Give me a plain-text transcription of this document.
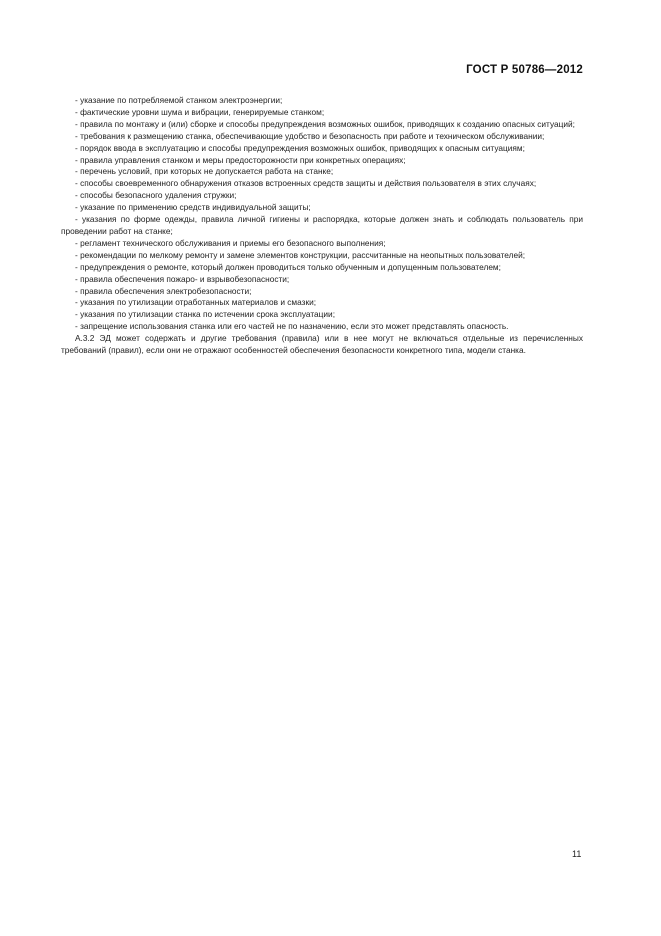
ГОСТ Р 50786—2012

- указание по потребляемой станком электроэнергии;

- фактические уровни шума и вибрации, генерируемые станком;

- правила по монтажу и (или) сборке и способы предупреждения возможных ошибок, приводящих к созданию опасных ситуаций;

- требования к размещению станка, обеспечивающие удобство и безопасность при работе и техническом обслуживании;

- порядок ввода в эксплуатацию и способы предупреждения возможных ошибок, приводящих к опасным ситуациям;

- правила управления станком и меры предосторожности при конкретных операциях;

- перечень условий, при которых не допускается работа на станке;

- способы своевременного обнаружения отказов встроенных средств защиты и действия пользователя в этих случаях;

- способы безопасного удаления стружки;

- указание по применению средств индивидуальной защиты;

- указания по форме одежды, правила личной гигиены и распорядка, которые должен знать и соблюдать пользователь при проведении работ на станке;

- регламент технического обслуживания и приемы его безопасного выполнения;

- рекомендации по мелкому ремонту и замене элементов конструкции, рассчитанные на неопытных пользователей;

- предупреждения о ремонте, который должен проводиться только обученным и допущенным пользователем;

- правила обеспечения пожаро- и взрывобезопасности;

- правила обеспечения электробезопасности;

- указания по утилизации отработанных материалов и смазки;

- указания по утилизации станка по истечении срока эксплуатации;

- запрещение использования станка или его частей не по назначению, если это может представлять опасность.

А.3.2 ЭД может содержать и другие требования (правила) или в нее могут не включаться отдельные из перечисленных требований (правил), если они не отражают особенностей обеспечения безопасности конкретного типа, модели станка.

11
